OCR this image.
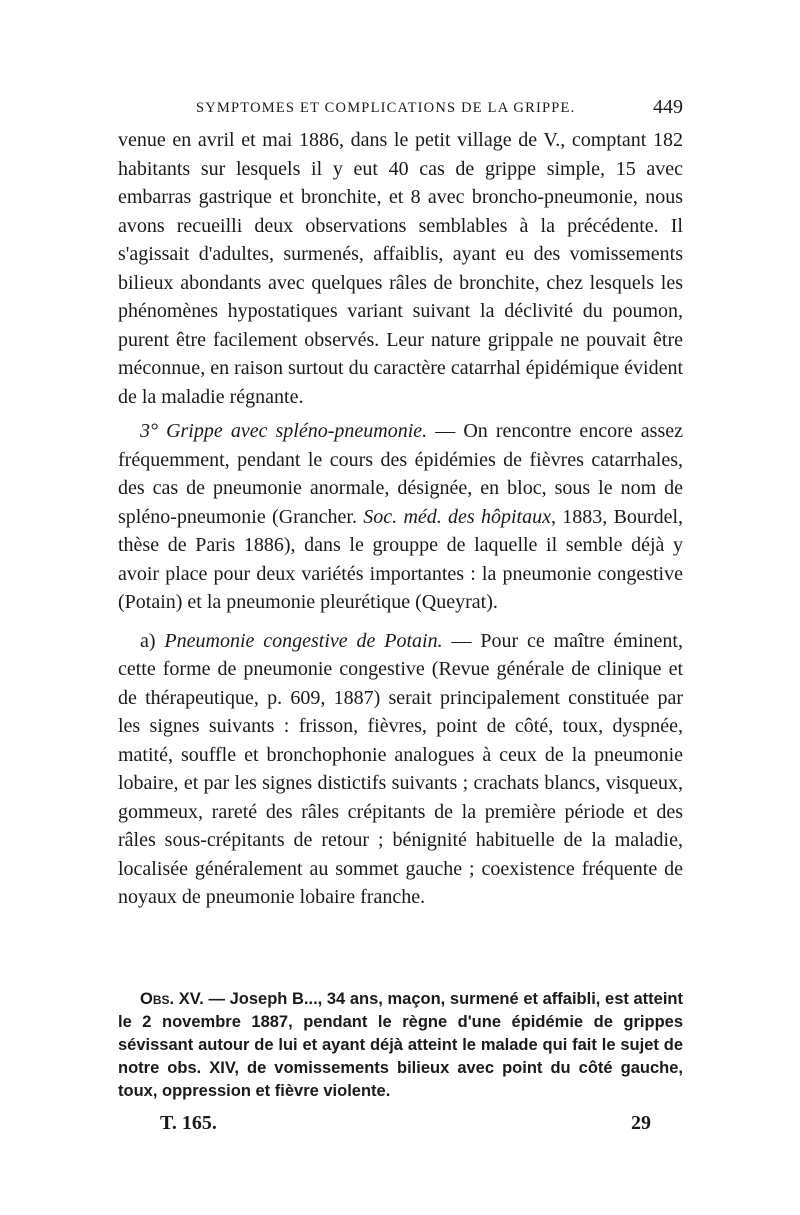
SYMPTOMES ET COMPLICATIONS DE LA GRIPPE.	449

venue en avril et mai 1886, dans le petit village de V., comptant 182 habitants sur lesquels il y eut 40 cas de grippe simple, 15 avec embarras gastrique et bronchite, et 8 avec broncho-pneumonie, nous avons recueilli deux observations semblables à la précédente. Il s'agissait d'adultes, surmenés, affaiblis, ayant eu des vomissements bilieux abondants avec quelques râles de bronchite, chez lesquels les phénomènes hypostatiques variant suivant la déclivité du poumon, purent être facilement observés. Leur nature grippale ne pouvait être méconnue, en raison surtout du caractère catarrhal épidémique évident de la maladie régnante.

3° Grippe avec spléno-pneumonie. — On rencontre encore assez fréquemment, pendant le cours des épidémies de fièvres catarrhales, des cas de pneumonie anormale, désignée, en bloc, sous le nom de spléno-pneumonie (Grancher. Soc. méd. des hôpitaux, 1883, Bourdel, thèse de Paris 1886), dans le grouppe de laquelle il semble déjà y avoir place pour deux variétés importantes : la pneumonie congestive (Potain) et la pneumonie pleurétique (Queyrat).

a) Pneumonie congestive de Potain. — Pour ce maître éminent, cette forme de pneumonie congestive (Revue générale de clinique et de thérapeutique, p. 609, 1887) serait principalement constituée par les signes suivants : frisson, fièvres, point de côté, toux, dyspnée, matité, souffle et bronchophonie analogues à ceux de la pneumonie lobaire, et par les signes distictifs suivants ; crachats blancs, visqueux, gommeux, rareté des râles crépitants de la première période et des râles sous-crépitants de retour ; bénignité habituelle de la maladie, localisée généralement au sommet gauche ; coexistence fréquente de noyaux de pneumonie lobaire franche.

Obs. XV. — Joseph B..., 34 ans, maçon, surmené et affaibli, est atteint le 2 novembre 1887, pendant le règne d'une épidémie de grippes sévissant autour de lui et ayant déjà atteint le malade qui fait le sujet de notre obs. XIV, de vomissements bilieux avec point du côté gauche, toux, oppression et fièvre violente.

T. 165.	29
